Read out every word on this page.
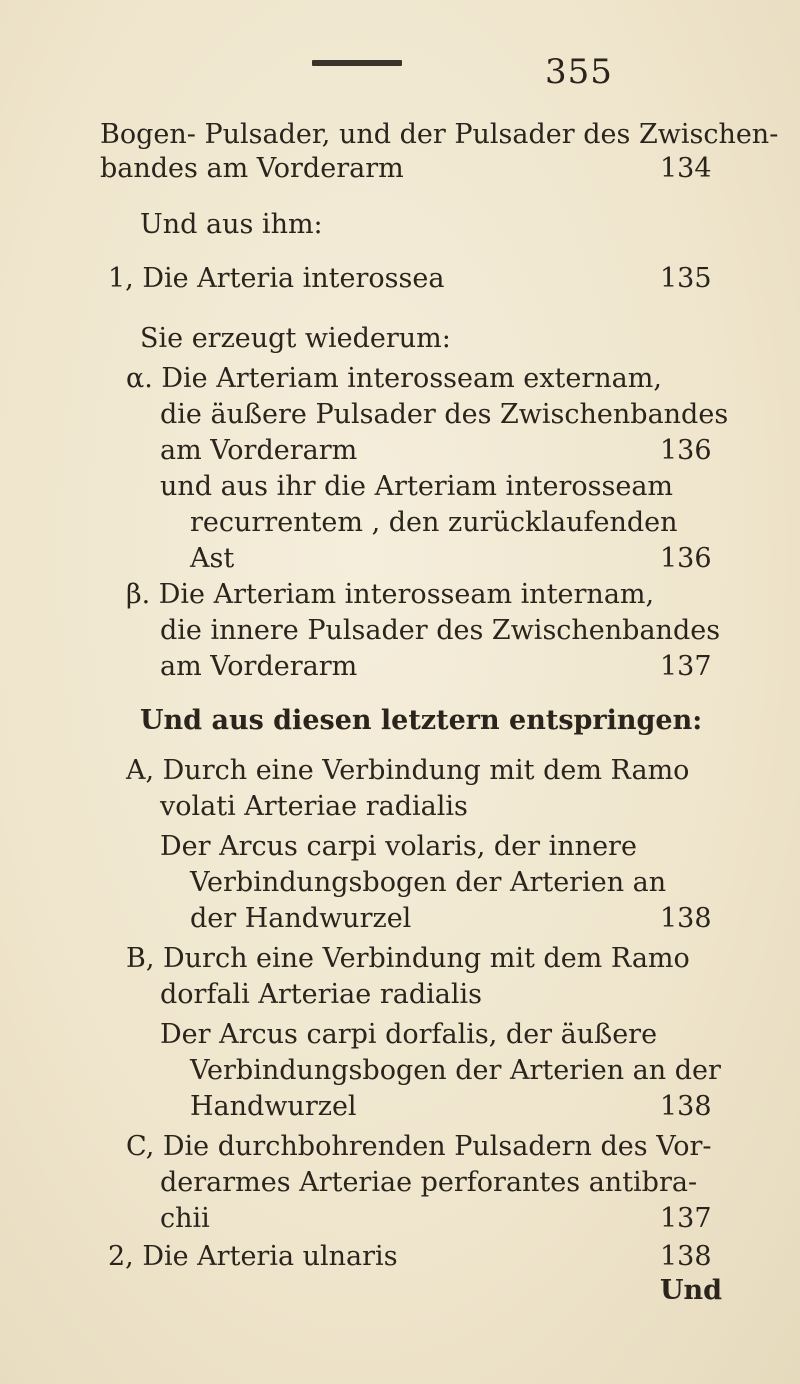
355
Bogen- Pulsader, und der Pulsader des Zwischen-
bandes am Vorderarm	134
Und aus ihm:
1, Die Arteria interossea	135
Sie erzeugt wiederum:
α. Die Arteriam interosseam externam,
die äußere Pulsader des Zwischenbandes
am Vorderarm	136
und aus ihr die Arteriam interosseam
recurrentem , den zurücklaufenden
Ast	136
β. Die Arteriam interosseam internam,
die innere Pulsader des Zwischenbandes
am Vorderarm	137
Und aus diesen letztern entspringen:
A, Durch eine Verbindung mit dem Ramo
volati Arteriae radialis
Der Arcus carpi volaris, der innere
Verbindungsbogen der Arterien an
der Handwurzel	138
B, Durch eine Verbindung mit dem Ramo
dorfali Arteriae radialis
Der Arcus carpi dorfalis, der äußere
Verbindungsbogen der Arterien an der
Handwurzel	138
C, Die durchbohrenden Pulsadern des Vor-
derarmes Arteriae perforantes antibra-
chii	137
2, Die Arteria ulnaris	138
Und
